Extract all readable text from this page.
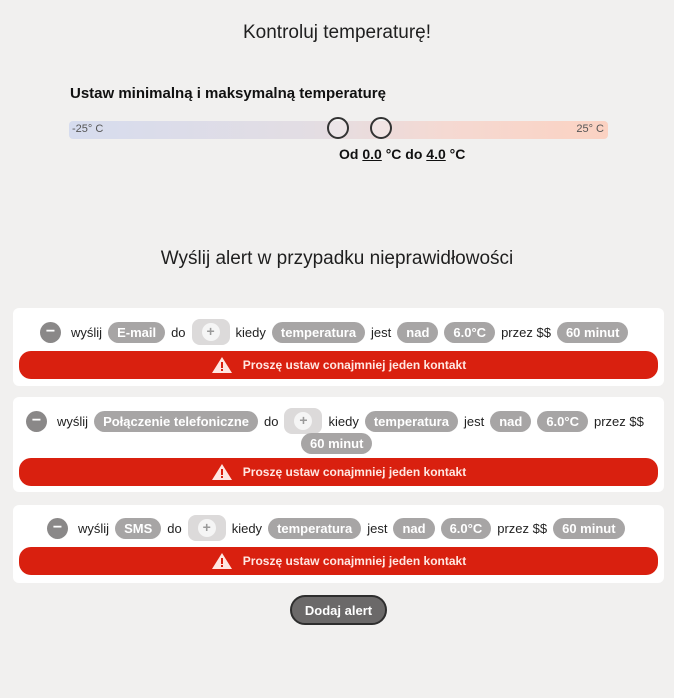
Kontroluj temperaturę!
Ustaw minimalną i maksymalną temperaturę
-25° C	25° C
Od 0.0 °C do 4.0 °C
Wyślij alert w przypadku nieprawidłowości
−	wyślij	E-mail	do	+	kiedy	temperatura	jest	nad	6.0°C	przez $$	60 minut
Proszę ustaw conajmniej jeden kontakt
−	wyślij	Połączenie telefoniczne	do	+	kiedy	temperatura	jest	nad	6.0°C	przez $$
60 minut
Proszę ustaw conajmniej jeden kontakt
−	wyślij	SMS	do	+	kiedy	temperatura	jest	nad	6.0°C	przez $$	60 minut
Proszę ustaw conajmniej jeden kontakt
Dodaj alert
